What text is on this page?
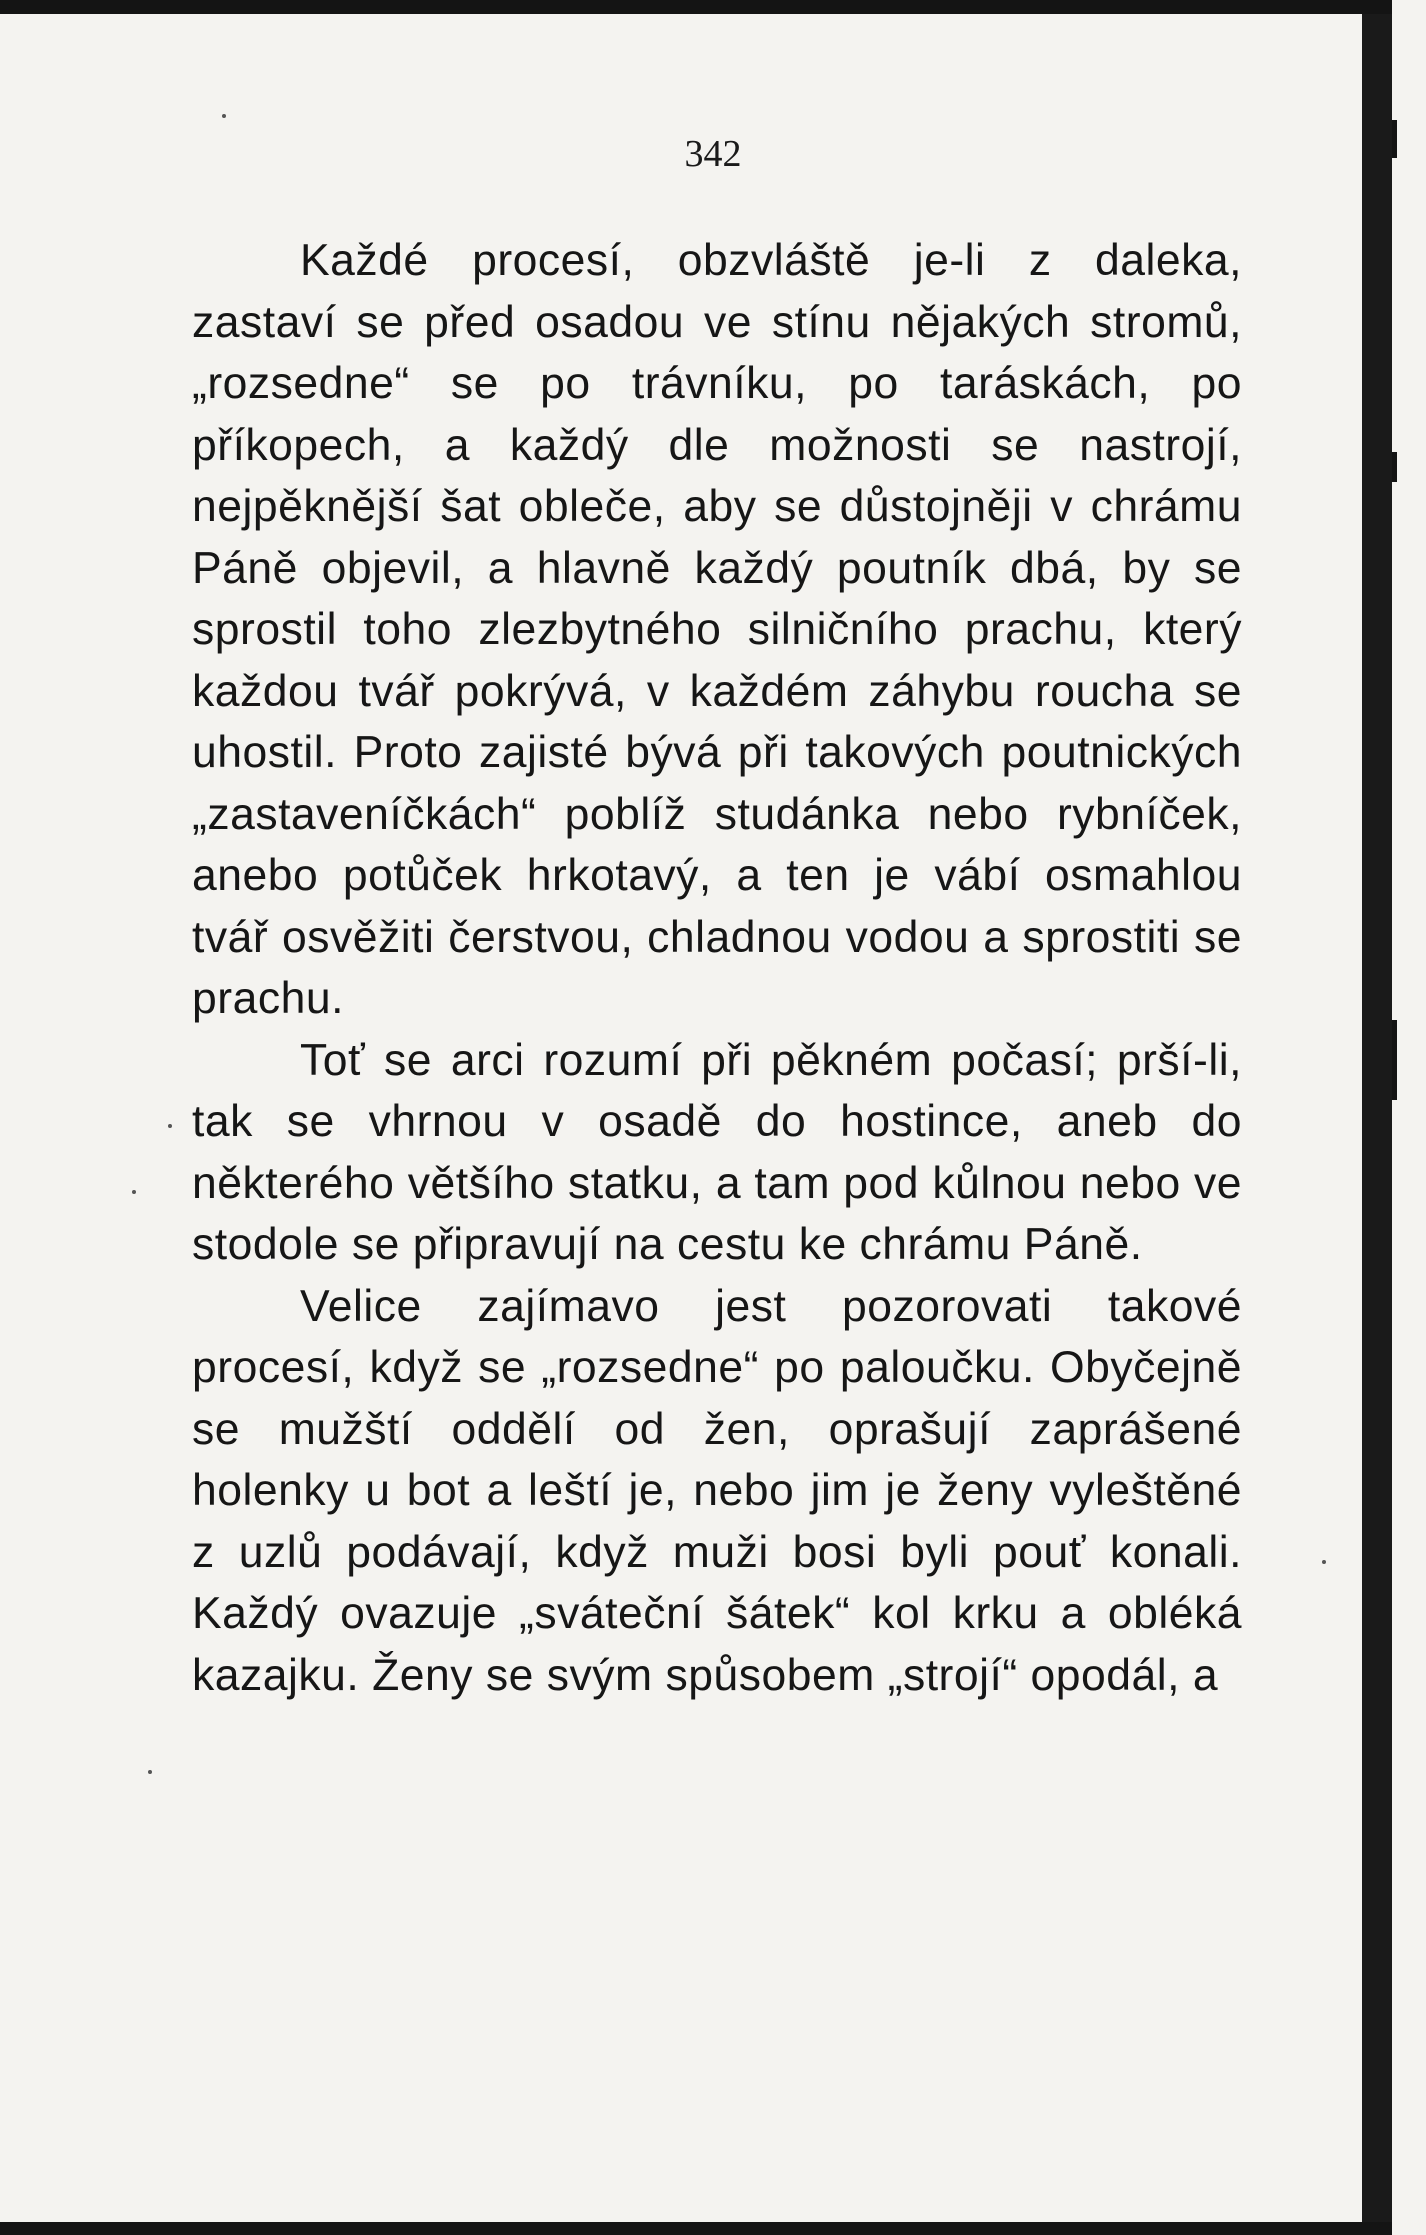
342

Každé procesí, obzvláště je-li z daleka, zastaví se před osadou ve stínu nějakých stromů, „rozsedne“ se po trávníku, po taráskách, po příkopech, a každý dle možnosti se nastrojí, nejpěknější šat obleče, aby se důstojněji v chrámu Páně objevil, a hlavně každý poutník dbá, by se sprostil toho zlezbytného silničního prachu, který každou tvář pokrývá, v každém záhybu roucha se uhostil. Proto zajisté bývá při takových poutnických „zastaveníčkách“ poblíž studánka nebo rybníček, anebo potůček hrkotavý, a ten je vábí osmahlou tvář osvěžiti čerstvou, chladnou vodou a sprostiti se prachu.

Toť se arci rozumí při pěkném počasí; prší-li, tak se vhrnou v osadě do hostince, aneb do některého většího statku, a tam pod kůlnou nebo ve stodole se připravují na cestu ke chrámu Páně.

Velice zajímavo jest pozorovati takové procesí, když se „rozsedne“ po paloučku. Obyčejně se mužští oddělí od žen, oprašují zaprášené holenky u bot a leští je, nebo jim je ženy vyleštěné z uzlů podávají, když muži bosi byli pouť konali. Každý ovazuje „sváteční šátek“ kol krku a obléká kazajku. Ženy se svým spůsobem „strojí“ opodál, a
